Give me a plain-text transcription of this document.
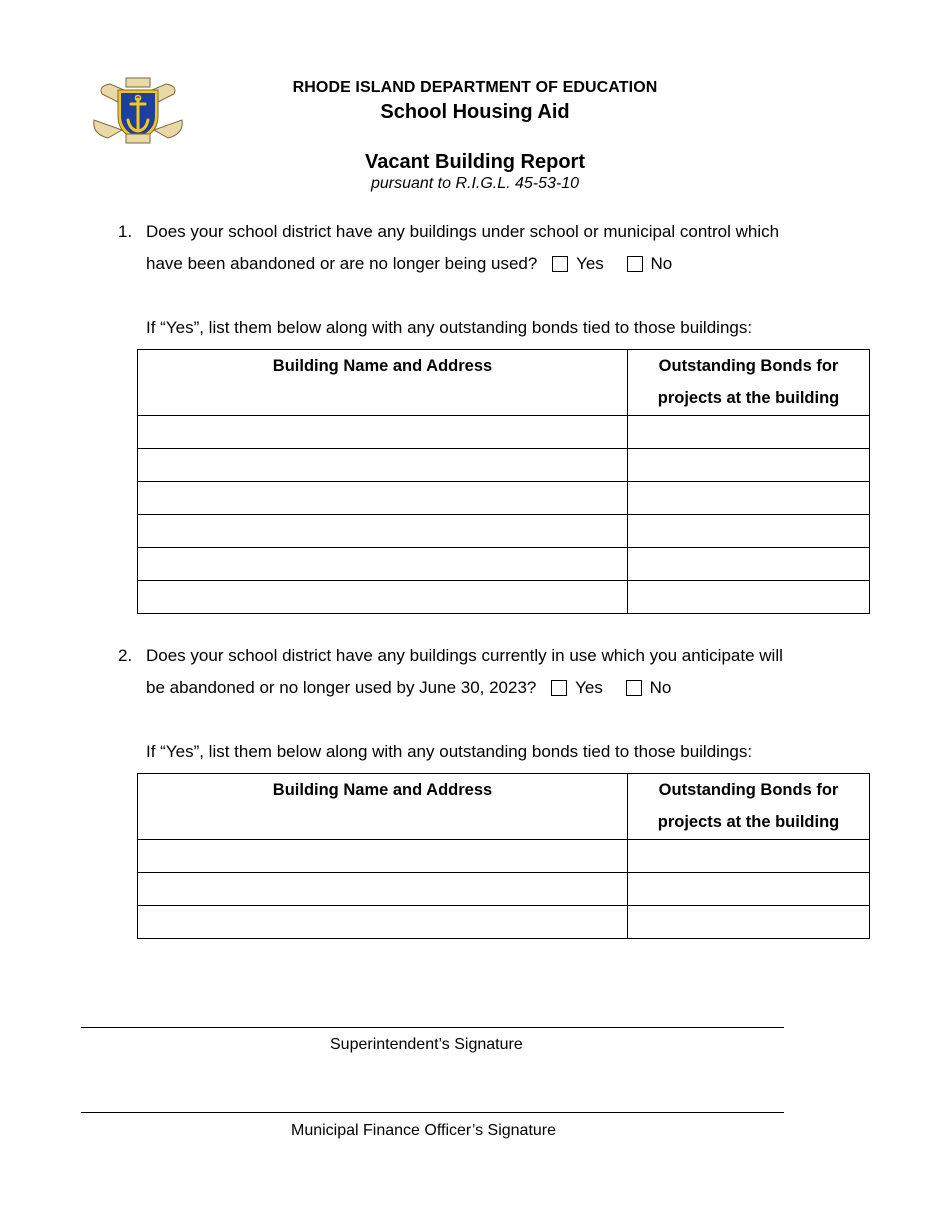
RHODE ISLAND DEPARTMENT OF EDUCATION
School Housing Aid
Vacant Building Report
pursuant to R.I.G.L. 45-53-10
1. Does your school district have any buildings under school or municipal control which
have been abandoned or are no longer being used? Yes	No
If “Yes”, list them below along with any outstanding bonds tied to those buildings:
Building Name and Address	Outstanding Bonds for
projects at the building

2. Does your school district have any buildings currently in use which you anticipate will
be abandoned or no longer used by June 30, 2023? Yes	No
If “Yes”, list them below along with any outstanding bonds tied to those buildings:
Building Name and Address	Outstanding Bonds for
projects at the building

Superintendent’s Signature
Municipal Finance Officer’s Signature
